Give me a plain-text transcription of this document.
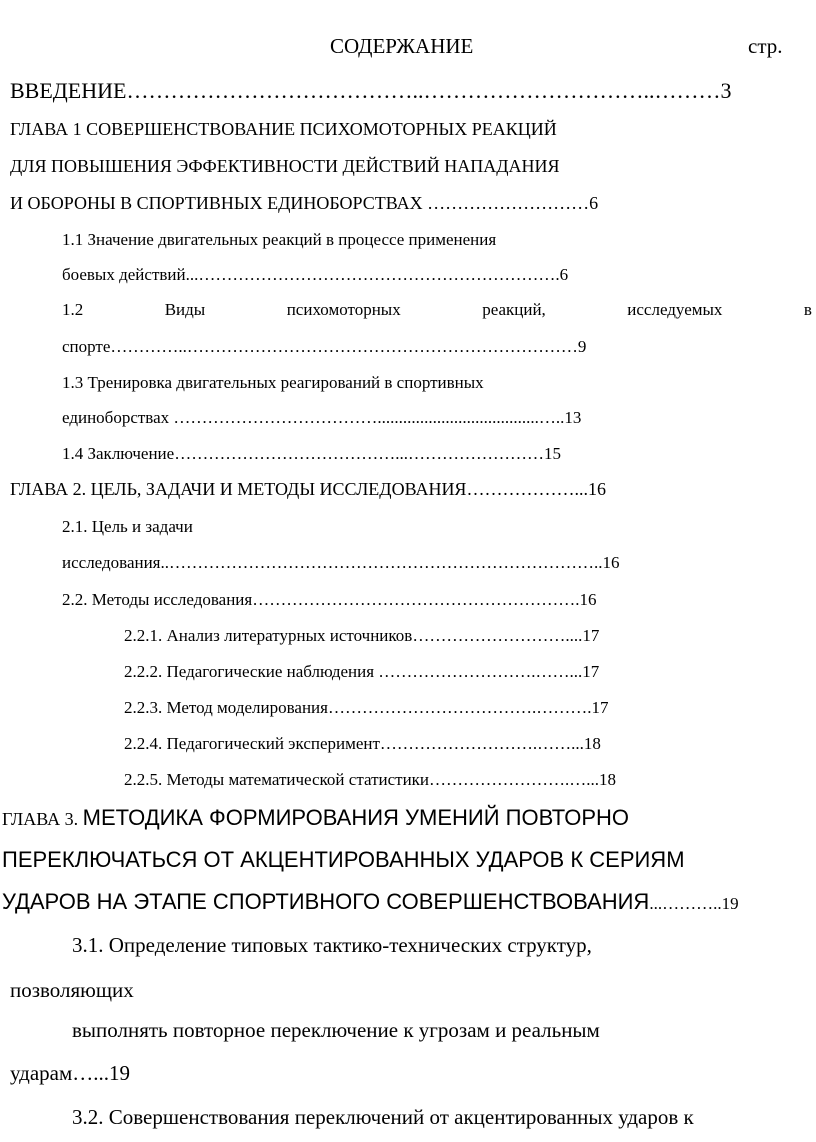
СОДЕРЖАНИЕ	стр.
ВВЕДЕНИЕ…………………………………..…………………………..………3
ГЛАВА 1 СОВЕРШЕНСТВОВАНИЕ ПСИХОМОТОРНЫХ РЕАКЦИЙ
ДЛЯ ПОВЫШЕНИЯ ЭФФЕКТИВНОСТИ ДЕЙСТВИЙ НАПАДАНИЯ
И ОБОРОНЫ В СПОРТИВНЫХ ЕДИНОБОРСТВАХ ………………………6
1.1 Значение двигательных реакций в процессе применения
боевых действий...……………………………………………………….6
1.2	Виды	психомоторных	реакций,	исследуемых	в
спорте…………..……………………………………………………………9
1.3 Тренировка двигательных реагирований в спортивных
единоборствах ………………………………......................................…..13
1.4 Заключение…………………………………...……………………15
ГЛАВА 2. ЦЕЛЬ, ЗАДАЧИ И МЕТОДЫ ИССЛЕДОВАНИЯ………………...16
2.1. Цель и задачи
исследования..…………………………………………………………………..16
2.2. Методы исследования………………………………………………….16
2.2.1. Анализ литературных источников………………………....17
2.2.2. Педагогические наблюдения ……………………….……...17
2.2.3. Метод моделирования……………………………….……….17
2.2.4. Педагогический эксперимент……………………….……...18
2.2.5. Методы математической статистики…………………….…...18
ГЛАВА 3. МЕТОДИКА ФОРМИРОВАНИЯ УМЕНИЙ ПОВТОРНО
ПЕРЕКЛЮЧАТЬСЯ ОТ АКЦЕНТИРОВАННЫХ УДАРОВ К СЕРИЯМ
УДАРОВ НА ЭТАПЕ СПОРТИВНОГО СОВЕРШЕНСТВОВАНИЯ...………..19
3.1. Определение типовых тактико-технических структур,
позволяющих
выполнять повторное переключение к угрозам и реальным
ударам…...19
3.2. Совершенствования переключений от акцентированных ударов к
